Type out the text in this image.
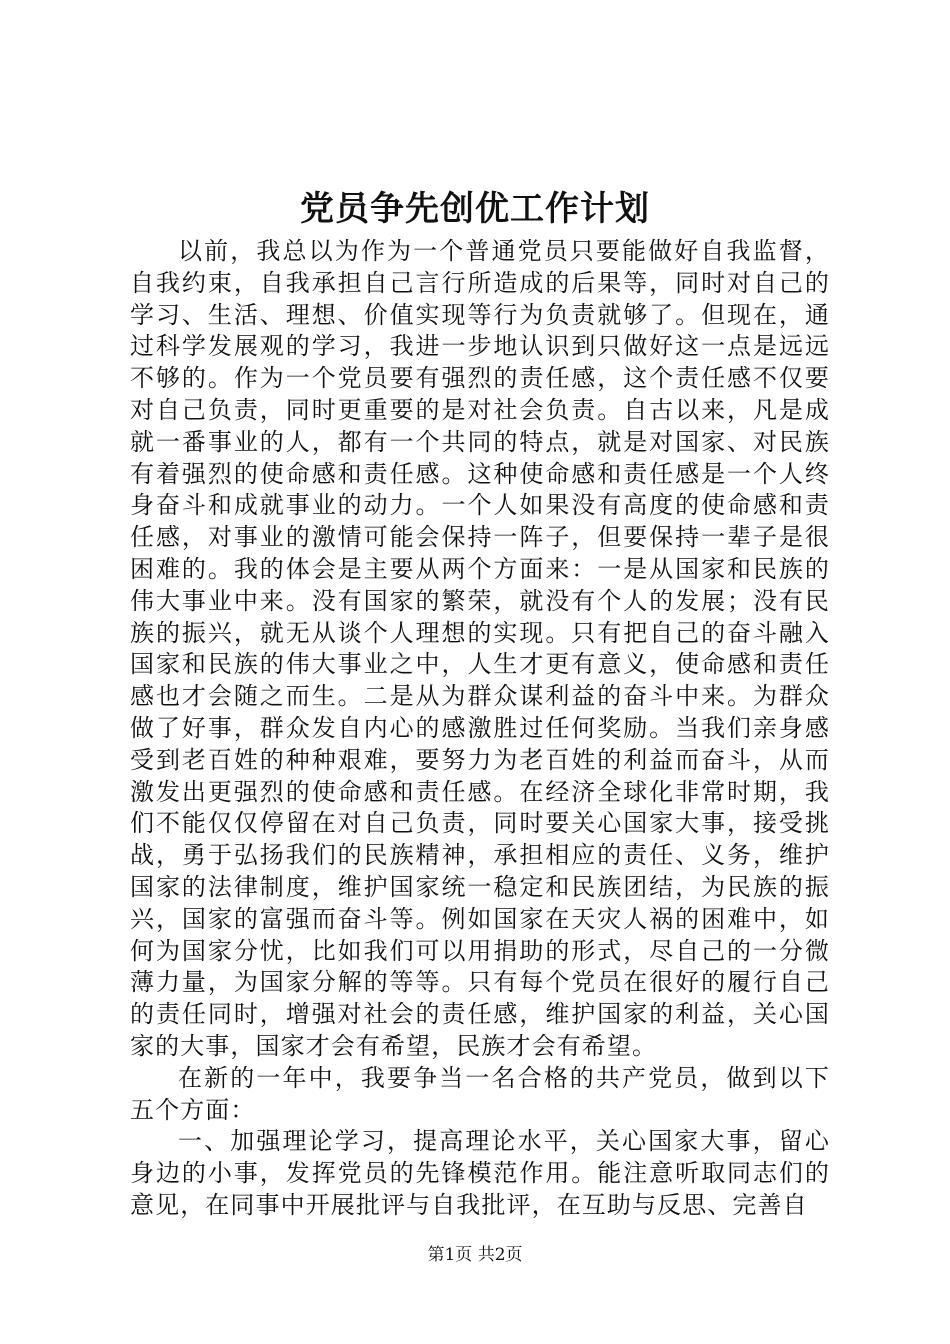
党员争先创优工作计划

以前，我总以为作为一个普通党员只要能做好自我监督，自我约束，自我承担自己言行所造成的后果等，同时对自己的学习、生活、理想、价值实现等行为负责就够了。但现在，通过科学发展观的学习，我进一步地认识到只做好这一点是远远不够的。作为一个党员要有强烈的责任感，这个责任感不仅要对自己负责，同时更重要的是对社会负责。自古以来，凡是成就一番事业的人，都有一个共同的特点，就是对国家、对民族有着强烈的使命感和责任感。这种使命感和责任感是一个人终身奋斗和成就事业的动力。一个人如果没有高度的使命感和责任感，对事业的激情可能会保持一阵子，但要保持一辈子是很困难的。我的体会是主要从两个方面来：一是从国家和民族的伟大事业中来。没有国家的繁荣，就没有个人的发展；没有民族的振兴，就无从谈个人理想的实现。只有把自己的奋斗融入国家和民族的伟大事业之中，人生才更有意义，使命感和责任感也才会随之而生。二是从为群众谋利益的奋斗中来。为群众做了好事，群众发自内心的感激胜过任何奖励。当我们亲身感受到老百姓的种种艰难，要努力为老百姓的利益而奋斗，从而激发出更强烈的使命感和责任感。在经济全球化非常时期，我们不能仅仅停留在对自己负责，同时要关心国家大事，接受挑战，勇于弘扬我们的民族精神，承担相应的责任、义务，维护国家的法律制度，维护国家统一稳定和民族团结，为民族的振兴，国家的富强而奋斗等。例如国家在天灾人祸的困难中，如何为国家分忧，比如我们可以用捐助的形式，尽自己的一分微薄力量，为国家分解的等等。只有每个党员在很好的履行自己的责任同时，增强对社会的责任感，维护国家的利益，关心国家的大事，国家才会有希望，民族才会有希望。

在新的一年中，我要争当一名合格的共产党员，做到以下五个方面：

一、加强理论学习，提高理论水平，关心国家大事，留心身边的小事，发挥党员的先锋模范作用。能注意听取同志们的意见，在同事中开展批评与自我批评，在互助与反思、完善自

第1页 共2页
